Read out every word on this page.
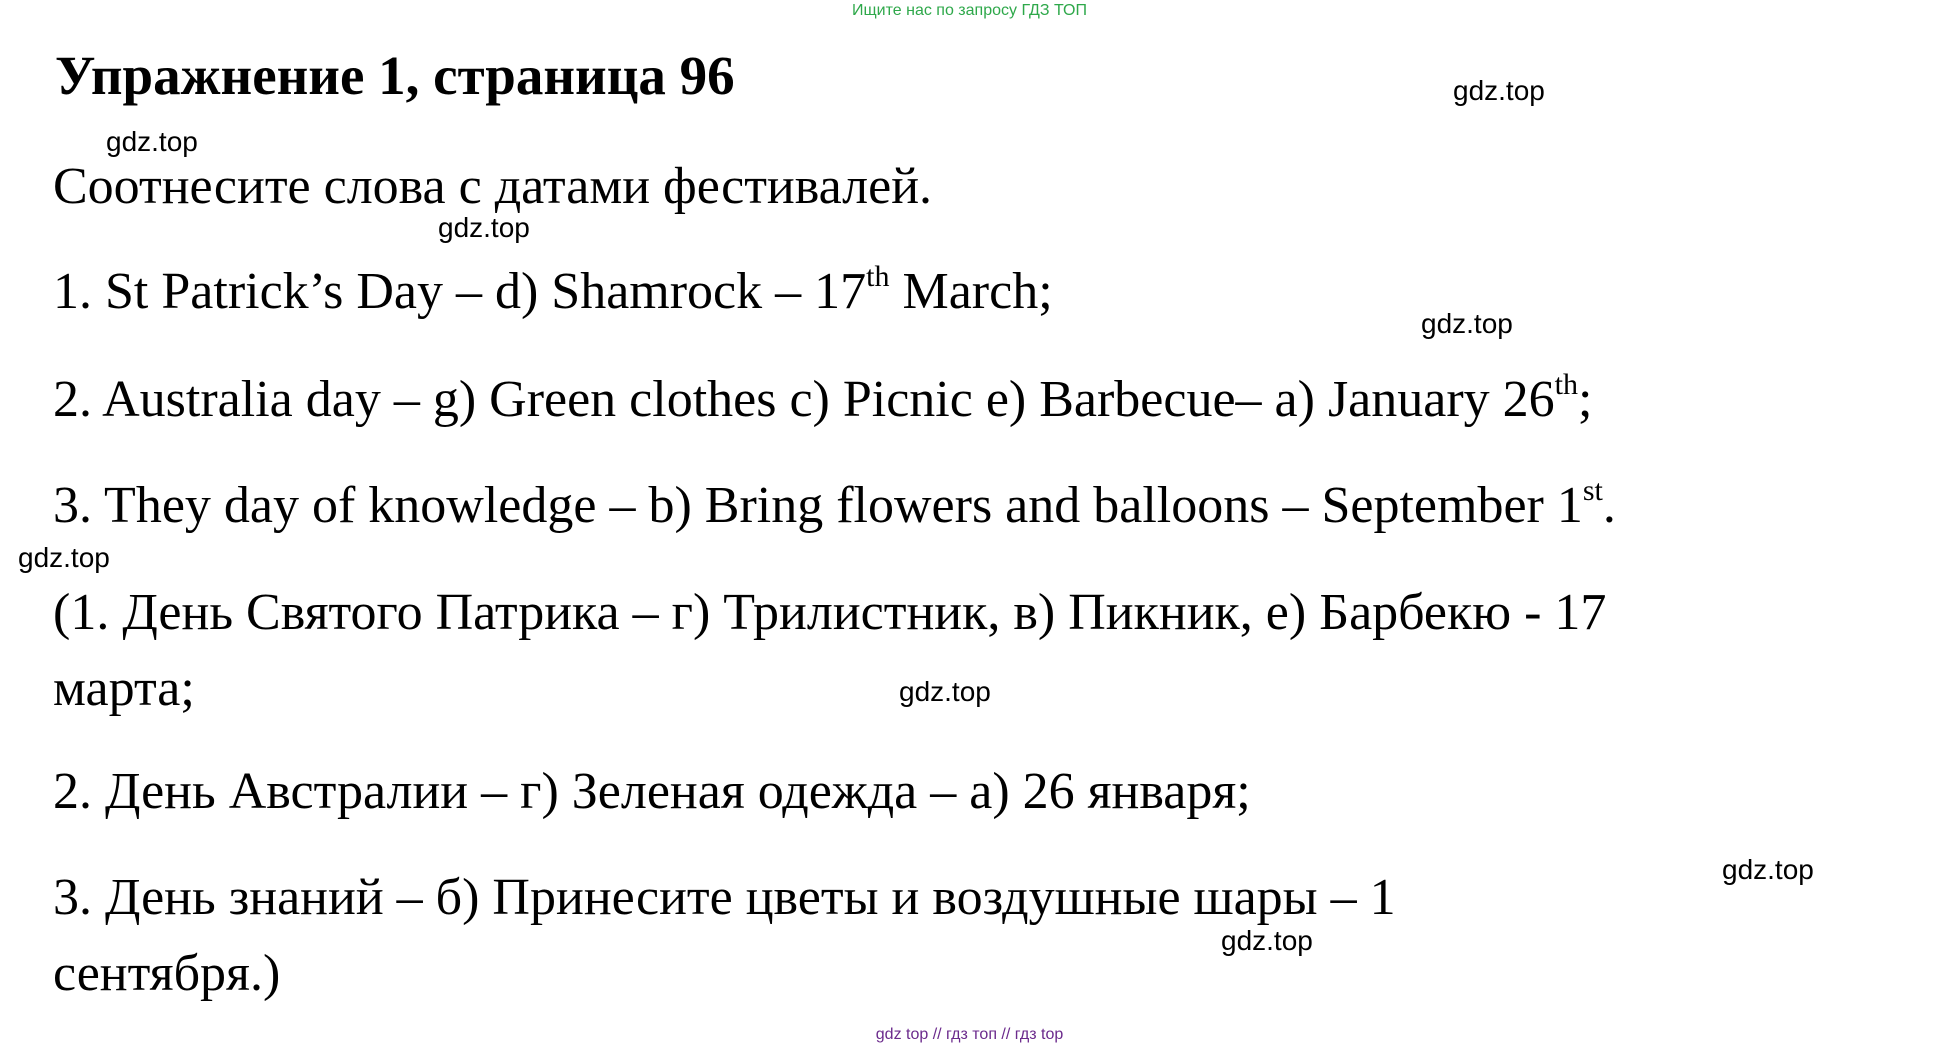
Ищите нас по запросу ГДЗ ТОП
Упражнение 1, страница 96
Соотнесите слова с датами фестивалей.
1. St Patrick’s Day – d) Shamrock – 17th March;
2. Australia day – g) Green clothes c) Picnic e) Barbecue– a) January 26th;
3. They day of knowledge – b) Bring flowers and balloons – September 1st.
(1. День Святого Патрика – г) Трилистник, в) Пикник, е) Барбекю - 17
марта;
2. День Австралии – г) Зеленая одежда – а) 26 января;
3. День знаний – б) Принесите цветы и воздушные шары – 1
сентября.)
gdz.top
gdz.top
gdz.top
gdz.top
gdz.top
gdz.top
gdz.top
gdz.top
gdz top // гдз топ // гдз top
